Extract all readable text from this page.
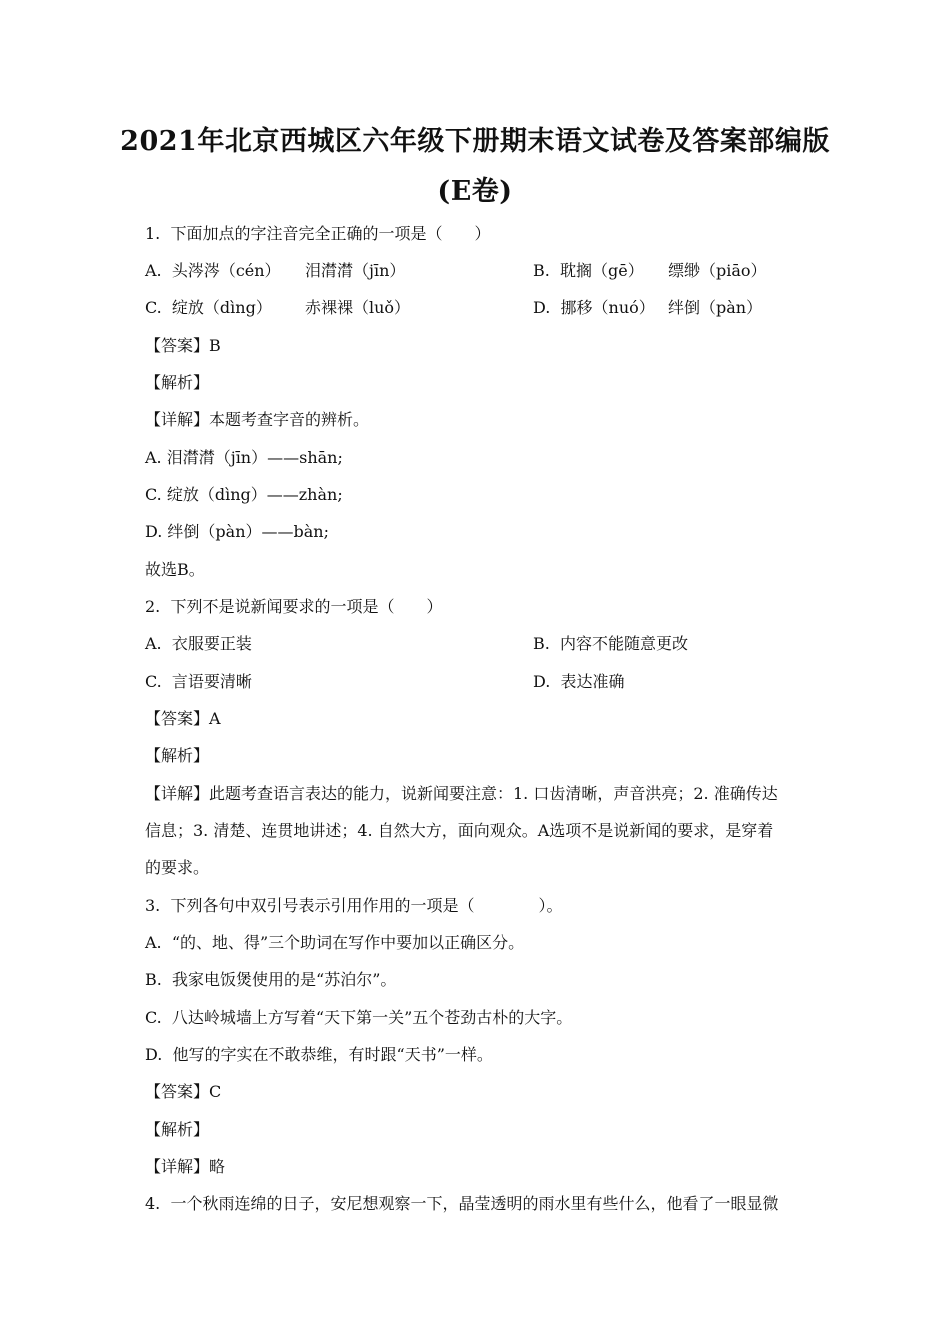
2021年北京西城区六年级下册期末语文试卷及答案部编版
(E卷)
1.  下面加点的字注音完全正确的一项是（　　）
A.  头涔涔（cén） 泪潸潸（jīn）	B.  耽搁（gē） 缥缈（piāo）
C.  绽放（dìng） 赤裸裸（luǒ）	D.  挪移（nuó） 绊倒（pàn）
【答案】B
【解析】
【详解】本题考查字音的辨析。
A. 泪潸潸（jīn）——shān;
C. 绽放（dìng）——zhàn;
D. 绊倒（pàn）——bàn;
故选B。
2.  下列不是说新闻要求的一项是（　　）
A.  衣服要正装	B.  内容不能随意更改
C.  言语要清晰	D.  表达准确
【答案】A
【解析】
【详解】此题考查语言表达的能力，说新闻要注意：1. 口齿清晰，声音洪亮；2. 准确传达
信息；3. 清楚、连贯地讲述；4. 自然大方，面向观众。A选项不是说新闻的要求，是穿着
的要求。
3.  下列各句中双引号表示引用作用的一项是（　　　　）。
A.  “的、地、得”三个助词在写作中要加以正确区分。
B.  我家电饭煲使用的是“苏泊尔”。
C.  八达岭城墙上方写着“天下第一关”五个苍劲古朴的大字。
D.  他写的字实在不敢恭维，有时跟“天书”一样。
【答案】C
【解析】
【详解】略
4.  一个秋雨连绵的日子，安尼想观察一下，晶莹透明的雨水里有些什么，他看了一眼显微
